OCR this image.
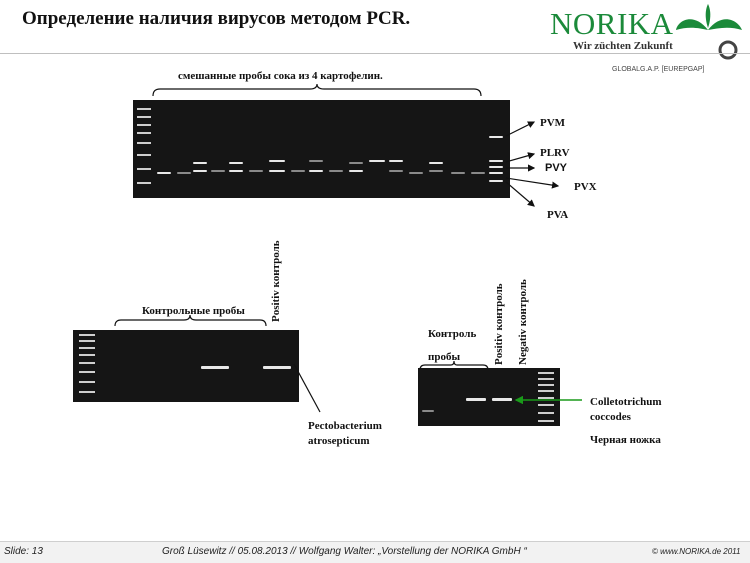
Определение наличия вирусов методом PCR.	NORIKA
Wir züchten Zukunft
GLOBALG.A.P. [EUREPGAP]
смешанные пробы сока из 4 картофелин.
PVM
PLRV
PVY
PVX
PVA
Positiv контроль
Контрольные пробы
Pectobacterium
atrosepticum
Positiv контроль Negativ контроль
Контроль
пробы
Colletotrichum
coccodes
Черная ножка
Slide: 13	Groß Lüsewitz // 05.08.2013 // Wolfgang Walter: „Vorstellung der NORIKA GmbH “	© www.NORIKA.de 2011
